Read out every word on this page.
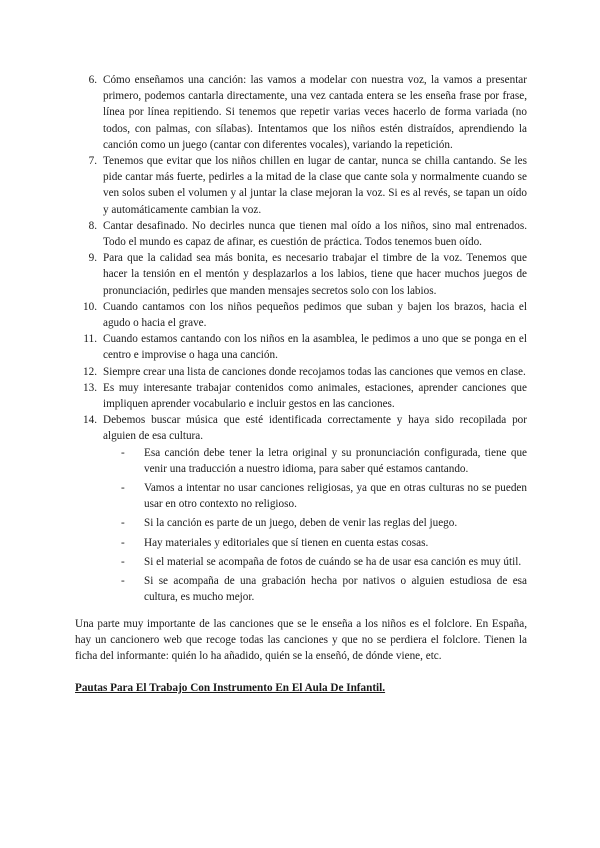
6. Cómo enseñamos una canción: las vamos a modelar con nuestra voz, la vamos a presentar primero, podemos cantarla directamente, una vez cantada entera se les enseña frase por frase, línea por línea repitiendo. Si tenemos que repetir varias veces hacerlo de forma variada (no todos, con palmas, con sílabas). Intentamos que los niños estén distraídos, aprendiendo la canción como un juego (cantar con diferentes vocales), variando la repetición.
7. Tenemos que evitar que los niños chillen en lugar de cantar, nunca se chilla cantando. Se les pide cantar más fuerte, pedirles a la mitad de la clase que cante sola y normalmente cuando se ven solos suben el volumen y al juntar la clase mejoran la voz. Si es al revés, se tapan un oído y automáticamente cambian la voz.
8. Cantar desafinado. No decirles nunca que tienen mal oído a los niños, sino mal entrenados. Todo el mundo es capaz de afinar, es cuestión de práctica. Todos tenemos buen oído.
9. Para que la calidad sea más bonita, es necesario trabajar el timbre de la voz. Tenemos que hacer la tensión en el mentón y desplazarlos a los labios, tiene que hacer muchos juegos de pronunciación, pedirles que manden mensajes secretos solo con los labios.
10. Cuando cantamos con los niños pequeños pedimos que suban y bajen los brazos, hacia el agudo o hacia el grave.
11. Cuando estamos cantando con los niños en la asamblea, le pedimos a uno que se ponga en el centro e improvise o haga una canción.
12. Siempre crear una lista de canciones donde recojamos todas las canciones que vemos en clase.
13. Es muy interesante trabajar contenidos como animales, estaciones, aprender canciones que impliquen aprender vocabulario e incluir gestos en las canciones.
14. Debemos buscar música que esté identificada correctamente y haya sido recopilada por alguien de esa cultura.
-	Esa canción debe tener la letra original y su pronunciación configurada, tiene que venir una traducción a nuestro idioma, para saber qué estamos cantando.
-	Vamos a intentar no usar canciones religiosas, ya que en otras culturas no se pueden usar en otro contexto no religioso.
-	Si la canción es parte de un juego, deben de venir las reglas del juego.
-	Hay materiales y editoriales que sí tienen en cuenta estas cosas.
-	Si el material se acompaña de fotos de cuándo se ha de usar esa canción es muy útil.
-	Si se acompaña de una grabación hecha por nativos o alguien estudiosa de esa cultura, es mucho mejor.

Una parte muy importante de las canciones que se le enseña a los niños es el folclore. En España, hay un cancionero web que recoge todas las canciones y que no se perdiera el folclore. Tienen la ficha del informante: quién lo ha añadido, quién se la enseñó, de dónde viene, etc.

Pautas Para El Trabajo Con Instrumento En El Aula De Infantil.
